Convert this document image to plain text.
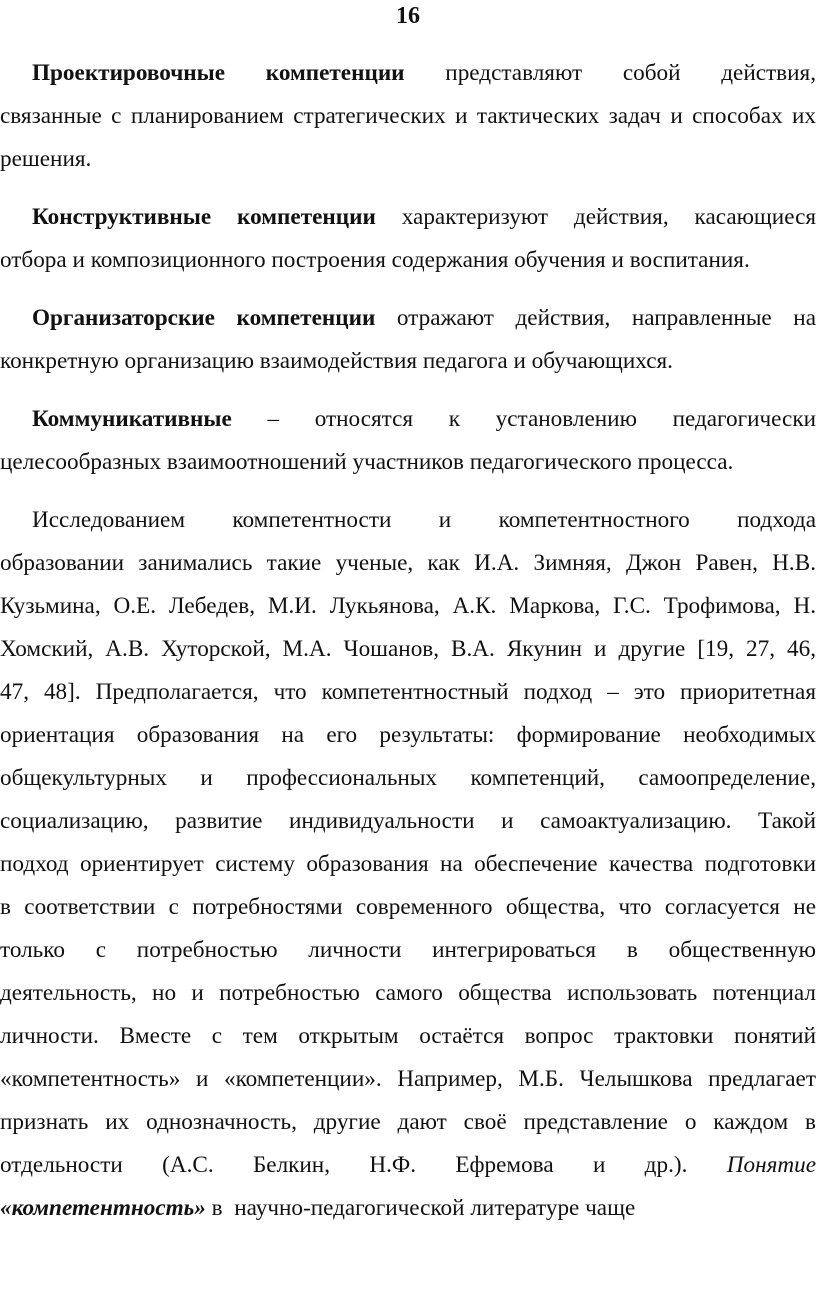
16
Проектировочные компетенции представляют собой действия,
связанные с планированием стратегических и тактических задач и способах их
решения.
Конструктивные компетенции характеризуют действия, касающиеся
отбора и композиционного построения содержания обучения и воспитания.
Организаторские компетенции отражают действия, направленные на
конкретную организацию взаимодействия педагога и обучающихся.
Коммуникативные – относятся к установлению педагогически
целесообразных взаимоотношений участников педагогического процесса.
Исследованием компетентности и компетентностного подхода
образовании занимались такие ученые, как И.А. Зимняя, Джон Равен, Н.В.
Кузьмина, О.Е. Лебедев, М.И. Лукьянова, А.К. Маркова, Г.С. Трофимова, Н.
Хомский, А.В. Хуторской, М.А. Чошанов, В.А. Якунин и другие [19, 27, 46,
47, 48]. Предполагается, что компетентностный подход – это приоритетная
ориентация образования на его результаты: формирование необходимых
общекультурных и профессиональных компетенций, самоопределение,
социализацию, развитие индивидуальности и самоактуализацию. Такой
подход ориентирует систему образования на обеспечение качества подготовки
в соответствии с потребностями современного общества, что согласуется не
только с потребностью личности интегрироваться в общественную
деятельность, но и потребностью самого общества использовать потенциал
личности. Вместе с тем открытым остаётся вопрос трактовки понятий
«компетентность» и «компетенции». Например, М.Б. Челышкова предлагает
признать их однозначность, другие дают своё представление о каждом в
отдельности (А.С. Белкин, Н.Ф. Ефремова и др.). Понятие
«компетентность» в  научно-педагогической литературе чаще
